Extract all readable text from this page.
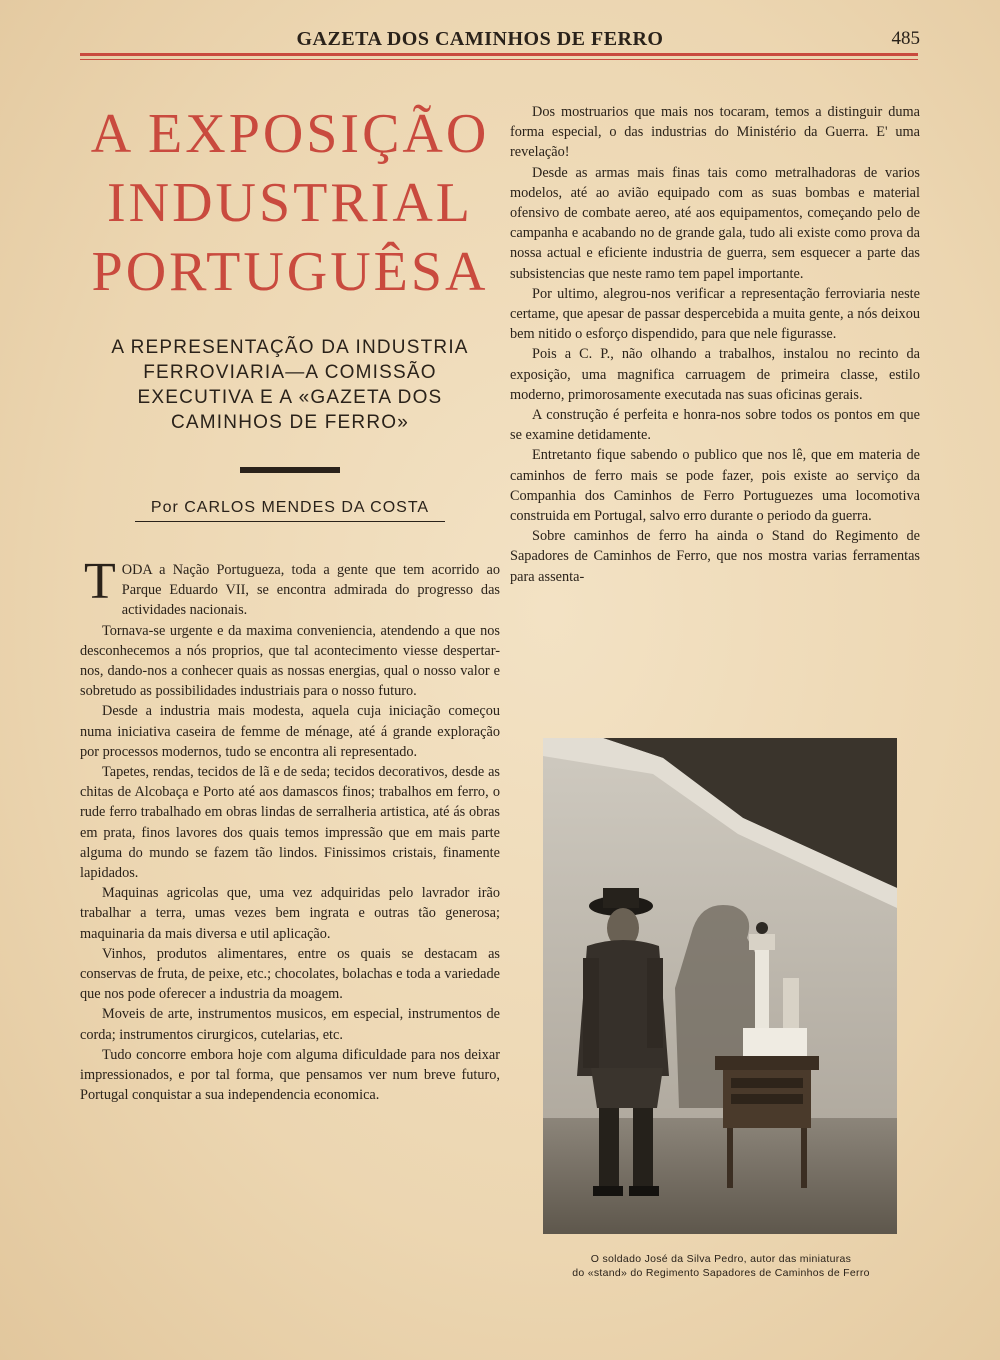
GAZETA DOS CAMINHOS DE FERRO	485
A EXPOSIÇÃO
INDUSTRIAL
PORTUGUÊSA
A REPRESENTAÇÃO DA INDUSTRIA
FERROVIARIA—A COMISSÃO
EXECUTIVA E A «GAZETA DOS
CAMINHOS DE FERRO»
Por CARLOS MENDES DA COSTA

TODA a Nação Portugueza, toda a gente que tem acorrido ao Parque Eduardo VII, se encontra admirada do progresso das actividades nacionais.

Tornava-se urgente e da maxima conveniencia, atendendo a que nos desconhecemos a nós proprios, que tal acontecimento viesse despertar-nos, dando-nos a conhecer quais as nossas energias, qual o nosso valor e sobretudo as possibilidades industriais para o nosso futuro.

Desde a industria mais modesta, aquela cuja iniciação começou numa iniciativa caseira de femme de ménage, até á grande exploração por processos modernos, tudo se encontra ali representado.

Tapetes, rendas, tecidos de lã e de seda; tecidos decorativos, desde as chitas de Alcobaça e Porto até aos damascos finos; trabalhos em ferro, o rude ferro trabalhado em obras lindas de serralheria artistica, até ás obras em prata, finos lavores dos quais temos impressão que em mais parte alguma do mundo se fazem tão lindos. Finissimos cristais, finamente lapidados.

Maquinas agricolas que, uma vez adquiridas pelo lavrador irão trabalhar a terra, umas vezes bem ingrata e outras tão generosa; maquinaria da mais diversa e util aplicação.

Vinhos, produtos alimentares, entre os quais se destacam as conservas de fruta, de peixe, etc.; chocolates, bolachas e toda a variedade que nos pode oferecer a industria da moagem.

Moveis de arte, instrumentos musicos, em especial, instrumentos de corda; instrumentos cirurgicos, cutelarias, etc.

Tudo concorre embora hoje com alguma dificuldade para nos deixar impressionados, e por tal forma, que pensamos ver num breve futuro, Portugal conquistar a sua independencia economica.

Dos mostruarios que mais nos tocaram, temos a distinguir duma forma especial, o das industrias do Ministério da Guerra. E' uma revelação!

Desde as armas mais finas tais como metralhadoras de varios modelos, até ao avião equipado com as suas bombas e material ofensivo de combate aereo, até aos equipamentos, começando pelo de campanha e acabando no de grande gala, tudo ali existe como prova da nossa actual e eficiente industria de guerra, sem esquecer a parte das subsistencias que neste ramo tem papel importante.

Por ultimo, alegrou-nos verificar a representação ferroviaria neste certame, que apesar de passar despercebida a muita gente, a nós deixou bem nitido o esforço dispendido, para que nele figurasse.

Pois a C. P., não olhando a trabalhos, instalou no recinto da exposição, uma magnifica carruagem de primeira classe, estilo moderno, primorosamente executada nas suas oficinas gerais.

A construção é perfeita e honra-nos sobre todos os pontos em que se examine detidamente.

Entretanto fique sabendo o publico que nos lê, que em materia de caminhos de ferro mais se pode fazer, pois existe ao serviço da Companhia dos Caminhos de Ferro Portuguezes uma locomotiva construida em Portugal, salvo erro durante o periodo da guerra.

Sobre caminhos de ferro ha ainda o Stand do Regimento de Sapadores de Caminhos de Ferro, que nos mostra varias ferramentas para assenta-

O soldado José da Silva Pedro, autor das miniaturas
do «stand» do Regimento Sapadores de Caminhos de Ferro
